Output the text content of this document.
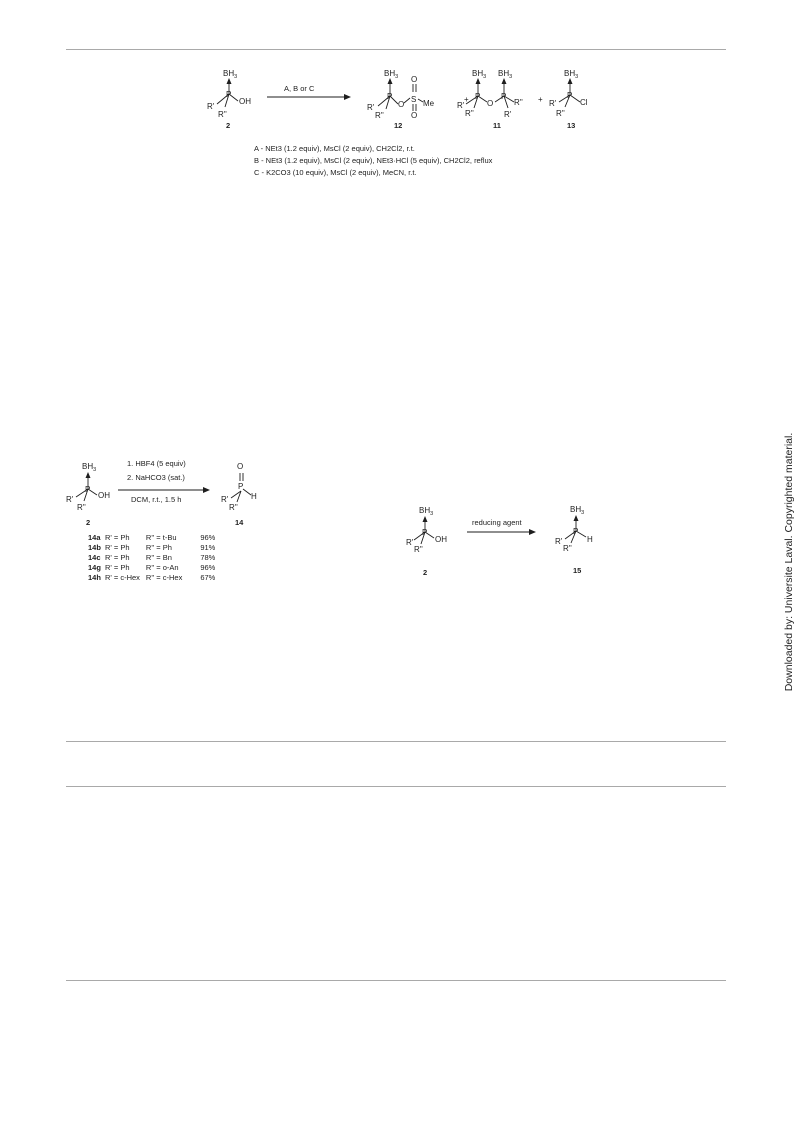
$BH_3$
P
R'
R''
OH
$BH_3$
P
R'
R''
O
S
O
O
Me	+
$BH_3$
P
R'
R''
O
P
$BH_3$
R''
R'
+
$BH_3$
P
R'
R''
Cl
2
A, B or C
12	11	13
A - NEt3 (1.2 equiv), MsCl (2 equiv), CH2Cl2, r.t.
B - NEt3 (1.2 equiv), MsCl (2 equiv), NEt3·HCl (5 equiv), CH2Cl2, reflux
C - K2CO3 (10 equiv), MsCl (2 equiv), MeCN, r.t.
$BH_3$
P
R'
R''
OH
O
P
R'
R''
H
1. HBF4 (5 equiv)
2. NaHCO3 (sat.)
DCM, r.t., 1.5 h
2	14
14a	R' = Ph	R'' = t-Bu	96%
14b	R' = Ph	R'' = Ph	91%
14c	R' = Ph	R'' = Bn	78%
14g	R' = Ph	R'' = o-An	96%
14h	R' = c-Hex	R'' = c-Hex	67%
$BH_3$
P
R'
R''
OH
$BH_3$
P
R'
R''
H
reducing agent
2	15	Downloaded by: Universite Laval. Copyrighted material.
